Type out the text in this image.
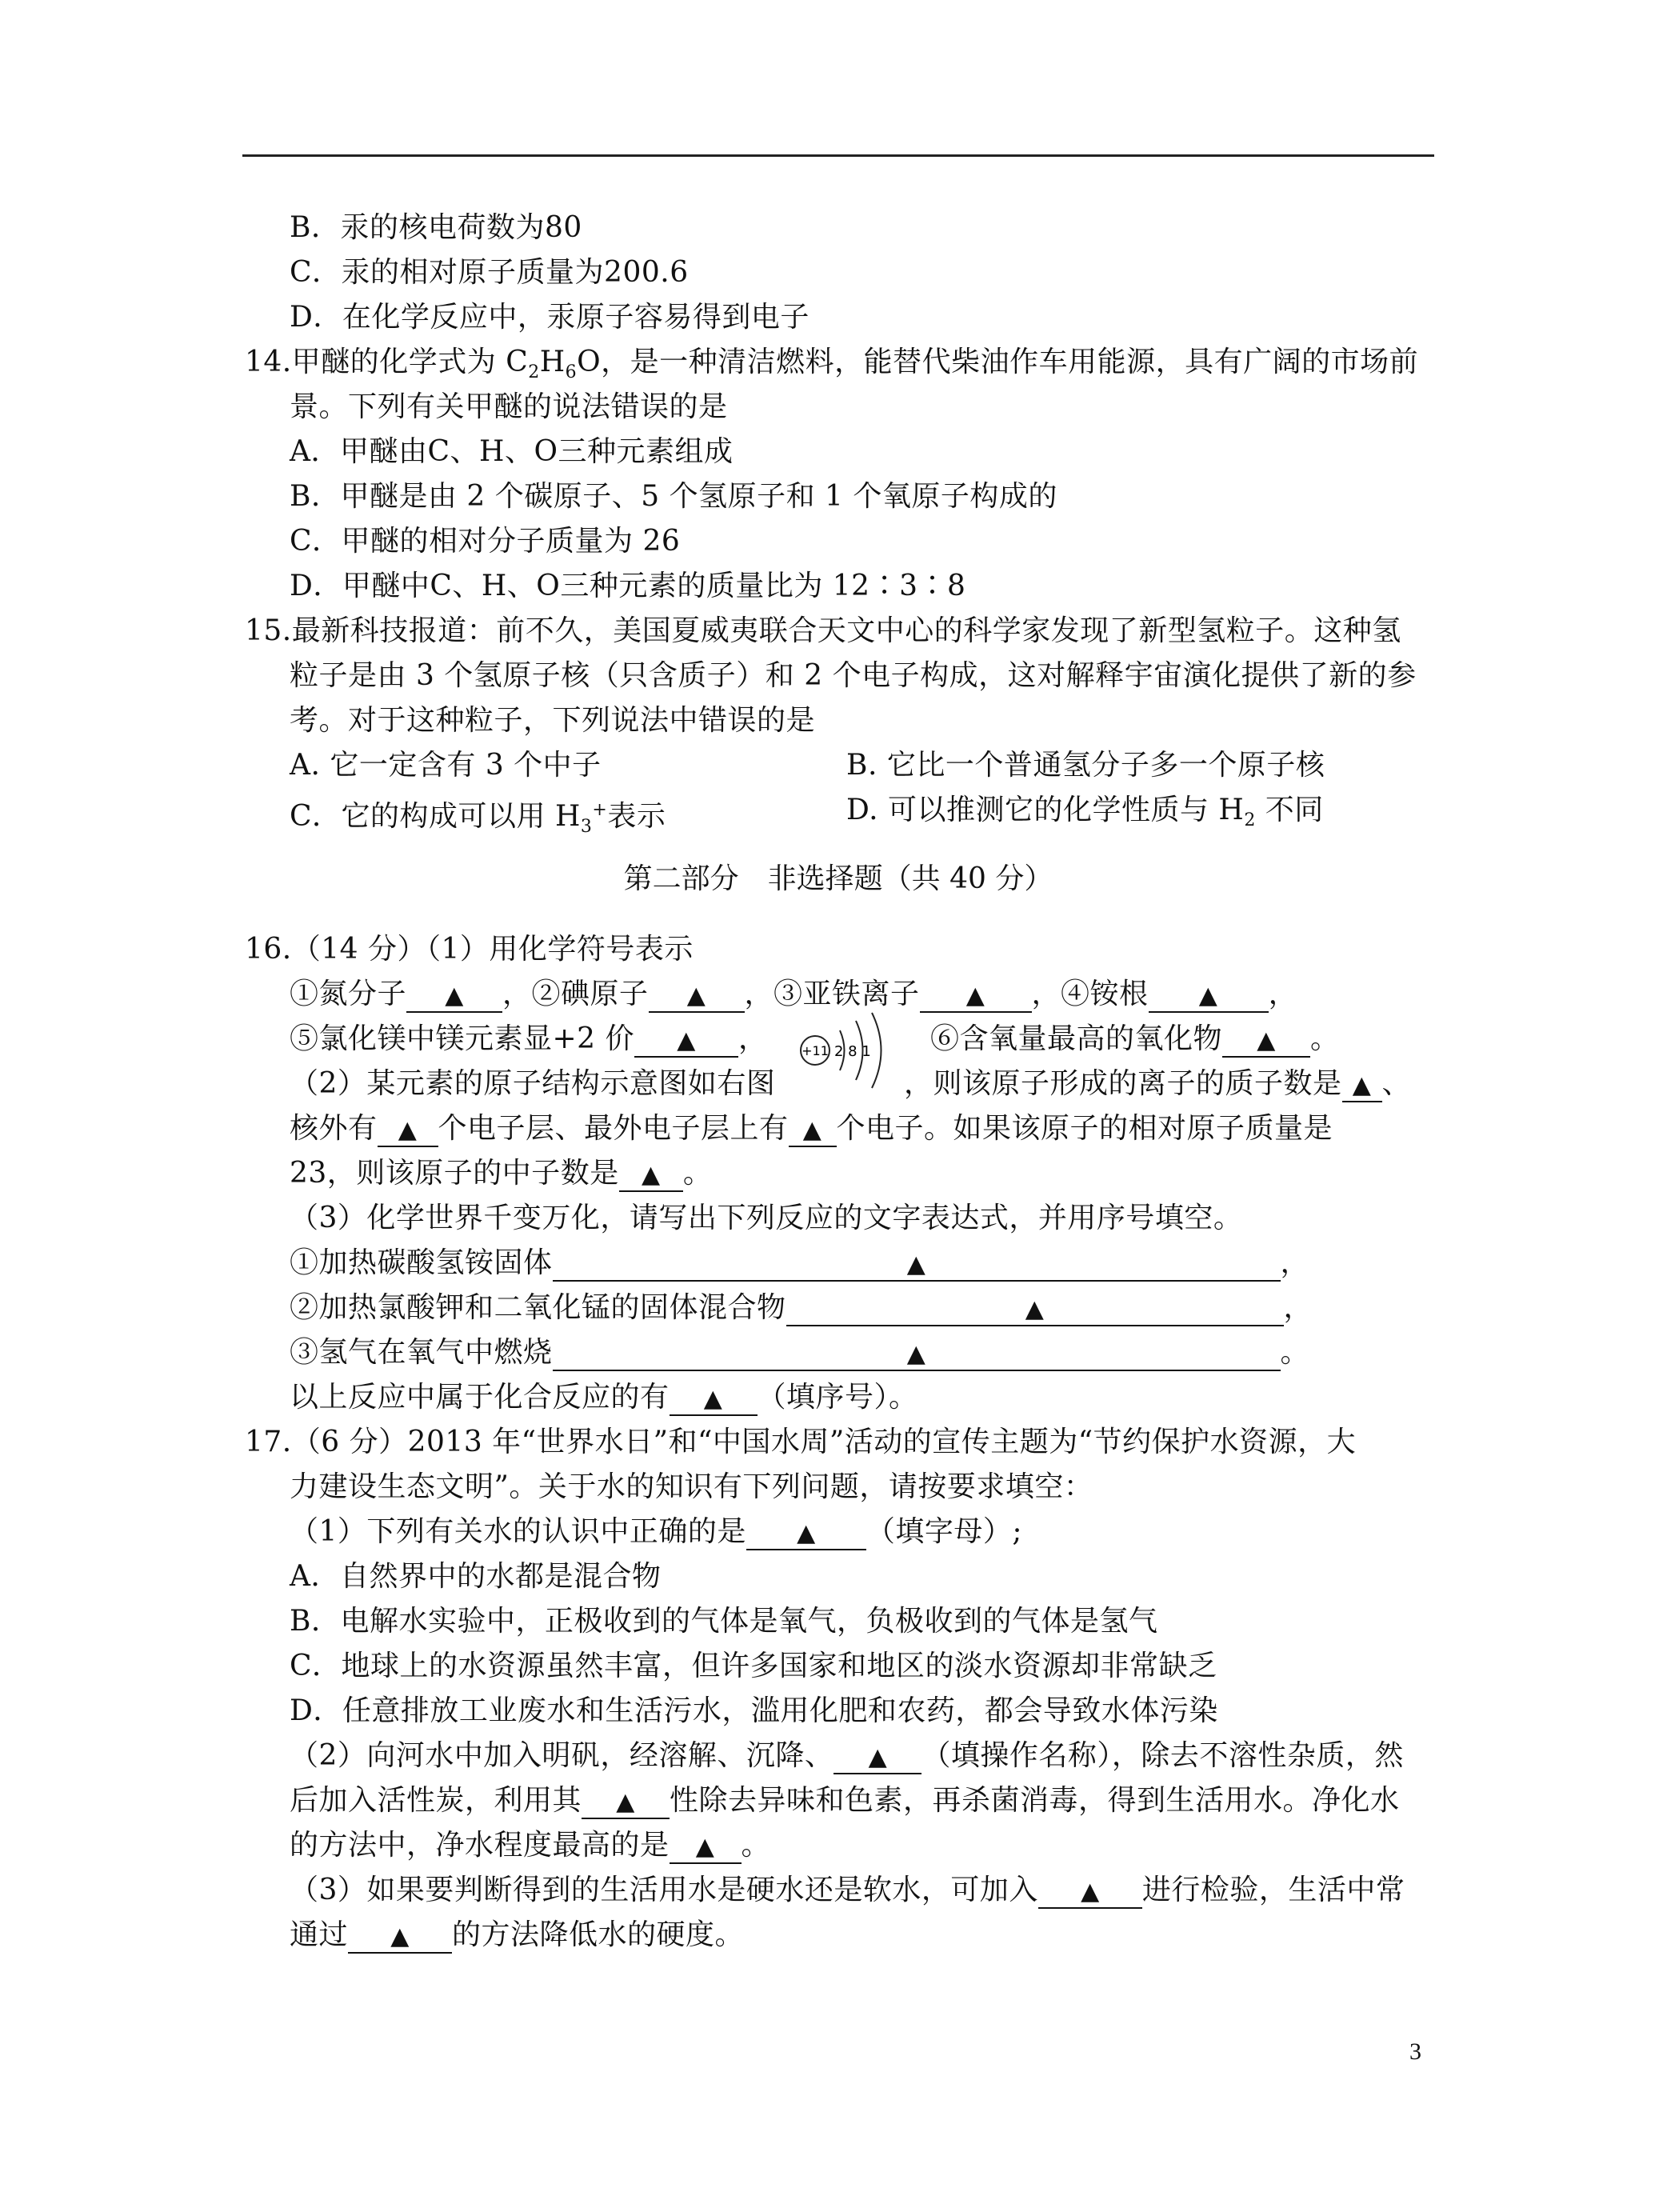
B．汞的核电荷数为80
C．汞的相对原子质量为200.6
D．在化学反应中，汞原子容易得到电子
14.甲醚的化学式为 $C_2H_6O$，是一种清洁燃料，能替代柴油作车用能源，具有广阔的市场前
景。下列有关甲醚的说法错误的是
A．甲醚由C、H、O三种元素组成
B．甲醚是由 2 个碳原子、5 个氢原子和 1 个氧原子构成的
C．甲醚的相对分子质量为 26
D．甲醚中C、H、O三种元素的质量比为 12∶3∶8
15.最新科技报道：前不久，美国夏威夷联合天文中心的科学家发现了新型氢粒子。这种氢
粒子是由 3 个氢原子核（只含质子）和 2 个电子构成，这对解释宇宙演化提供了新的参
考。对于这种粒子，下列说法中错误的是
A. 它一定含有 3 个中子	B. 它比一个普通氢分子多一个原子核
C．它的构成可以用 $H_3^+$表示	D. 可以推测它的化学性质与 $H_2$ 不同
第二部分　非选择题（共 40 分）
16.（14 分）（1）用化学符号表示
①氮分子 ▲ ，②碘原子 ▲ ，③亚铁离子 ▲ ，④铵根 ▲ ，
⑤氯化镁中镁元素显+2 价 ▲ ，	⑥含氧量最高的氧化物 ▲ 。
+11 2 8 1
（2）某元素的原子结构示意图如右图	，则该原子形成的离子的质子数是 ▲ 、
核外有 ▲ 个电子层、最外电子层上有 ▲ 个电子。如果该原子的相对原子质量是
23，则该原子的中子数是 ▲ 。
（3）化学世界千变万化，请写出下列反应的文字表达式，并用序号填空。
①加热碳酸氢铵固体	▲	，
②加热氯酸钾和二氧化锰的固体混合物	▲	，
③氢气在氧气中燃烧	▲	。
以上反应中属于化合反应的有 ▲ （填序号）。
17.（6 分）2013 年“世界水日”和“中国水周”活动的宣传主题为“节约保护水资源，大
力建设生态文明”。关于水的知识有下列问题，请按要求填空：
（1）下列有关水的认识中正确的是 ▲ （填字母）;
A．自然界中的水都是混合物
B．电解水实验中，正极收到的气体是氧气，负极收到的气体是氢气
C．地球上的水资源虽然丰富，但许多国家和地区的淡水资源却非常缺乏
D．任意排放工业废水和生活污水，滥用化肥和农药，都会导致水体污染
（2）向河水中加入明矾，经溶解、沉降、 ▲ （填操作名称），除去不溶性杂质，然
后加入活性炭，利用其 ▲ 性除去异味和色素，再杀菌消毒，得到生活用水。净化水
的方法中，净水程度最高的是 ▲ 。
（3）如果要判断得到的生活用水是硬水还是软水，可加入 ▲ 进行检验，生活中常
通过 ▲ 的方法降低水的硬度。
3
